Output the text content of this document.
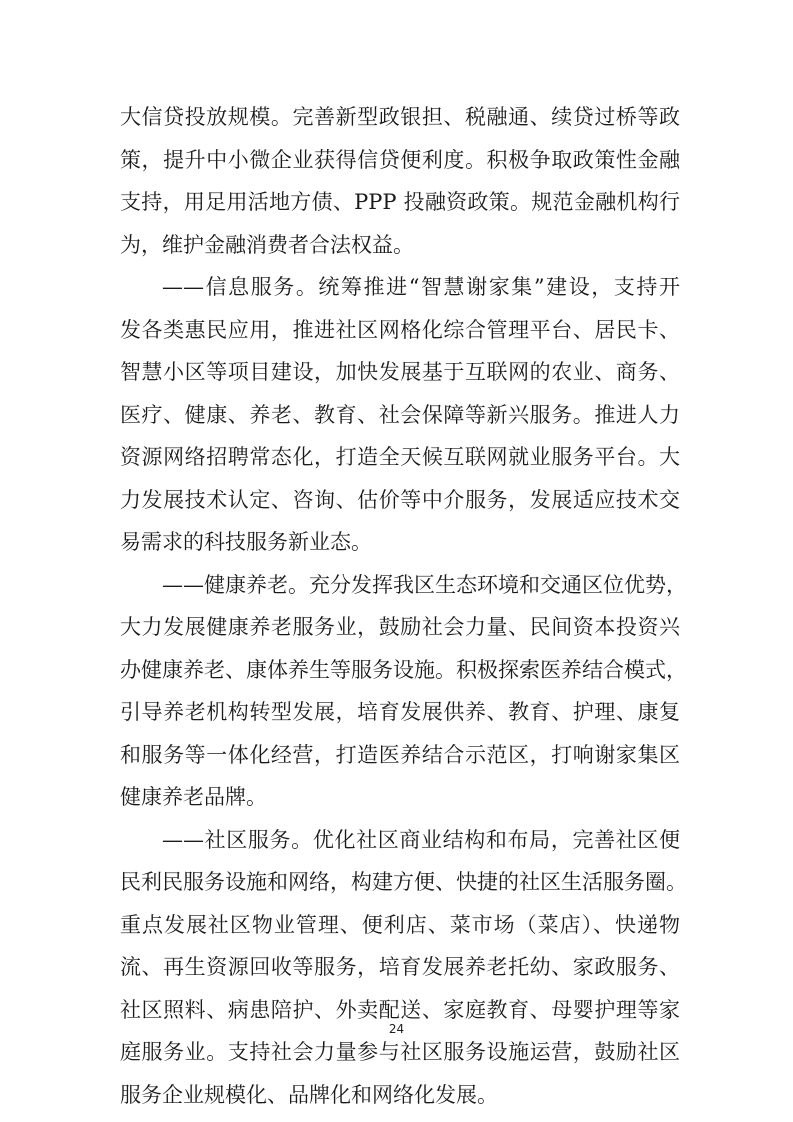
大信贷投放规模。完善新型政银担、税融通、续贷过桥等政
策，提升中小微企业获得信贷便利度。积极争取政策性金融
支持，用足用活地方债、PPP 投融资政策。规范金融机构行
为，维护金融消费者合法权益。
——信息服务。统筹推进“智慧谢家集”建设，支持开
发各类惠民应用，推进社区网格化综合管理平台、居民卡、
智慧小区等项目建设，加快发展基于互联网的农业、商务、
医疗、健康、养老、教育、社会保障等新兴服务。推进人力
资源网络招聘常态化，打造全天候互联网就业服务平台。大
力发展技术认定、咨询、估价等中介服务，发展适应技术交
易需求的科技服务新业态。
——健康养老。充分发挥我区生态环境和交通区位优势，
大力发展健康养老服务业，鼓励社会力量、民间资本投资兴
办健康养老、康体养生等服务设施。积极探索医养结合模式，
引导养老机构转型发展，培育发展供养、教育、护理、康复
和服务等一体化经营，打造医养结合示范区，打响谢家集区
健康养老品牌。
——社区服务。优化社区商业结构和布局，完善社区便
民利民服务设施和网络，构建方便、快捷的社区生活服务圈。
重点发展社区物业管理、便利店、菜市场（菜店）、快递物
流、再生资源回收等服务，培育发展养老托幼、家政服务、
社区照料、病患陪护、外卖配送、家庭教育、母婴护理等家
庭服务业。支持社会力量参与社区服务设施运营，鼓励社区
服务企业规模化、品牌化和网络化发展。
24
